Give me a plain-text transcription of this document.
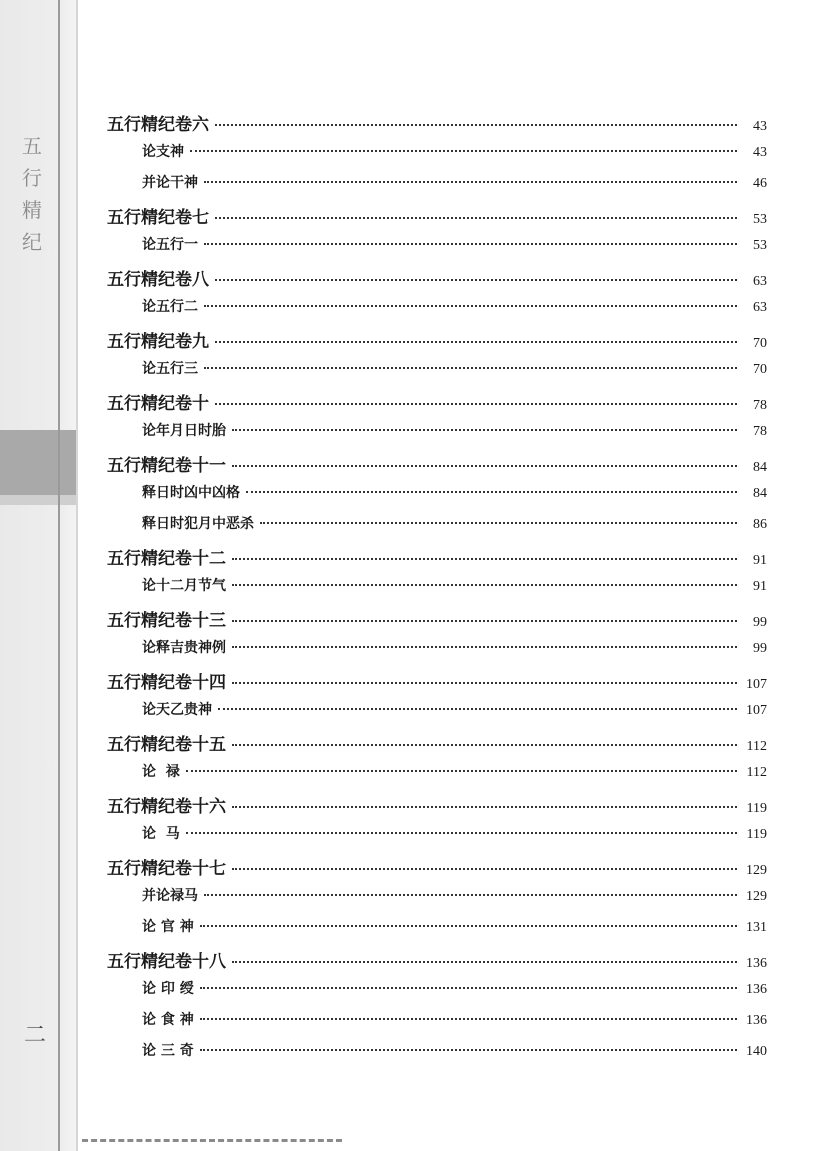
五
行
精
纪
二
五行精纪卷六	43
论支神	43
并论干神	46
五行精纪卷七	53
论五行一	53
五行精纪卷八	63
论五行二	63
五行精纪卷九	70
论五行三	70
五行精纪卷十	78
论年月日时胎	78
五行精纪卷十一	84
释日时凶中凶格	84
释日时犯月中恶杀	86
五行精纪卷十二	91
论十二月节气	91
五行精纪卷十三	99
论释吉贵神例	99
五行精纪卷十四	107
论天乙贵神	107
五行精纪卷十五	112
论  禄	112
五行精纪卷十六	119
论  马	119
五行精纪卷十七	129
并论禄马	129
论 官 神	131
五行精纪卷十八	136
论 印 绶	136
论 食 神	136
论 三 奇	140
